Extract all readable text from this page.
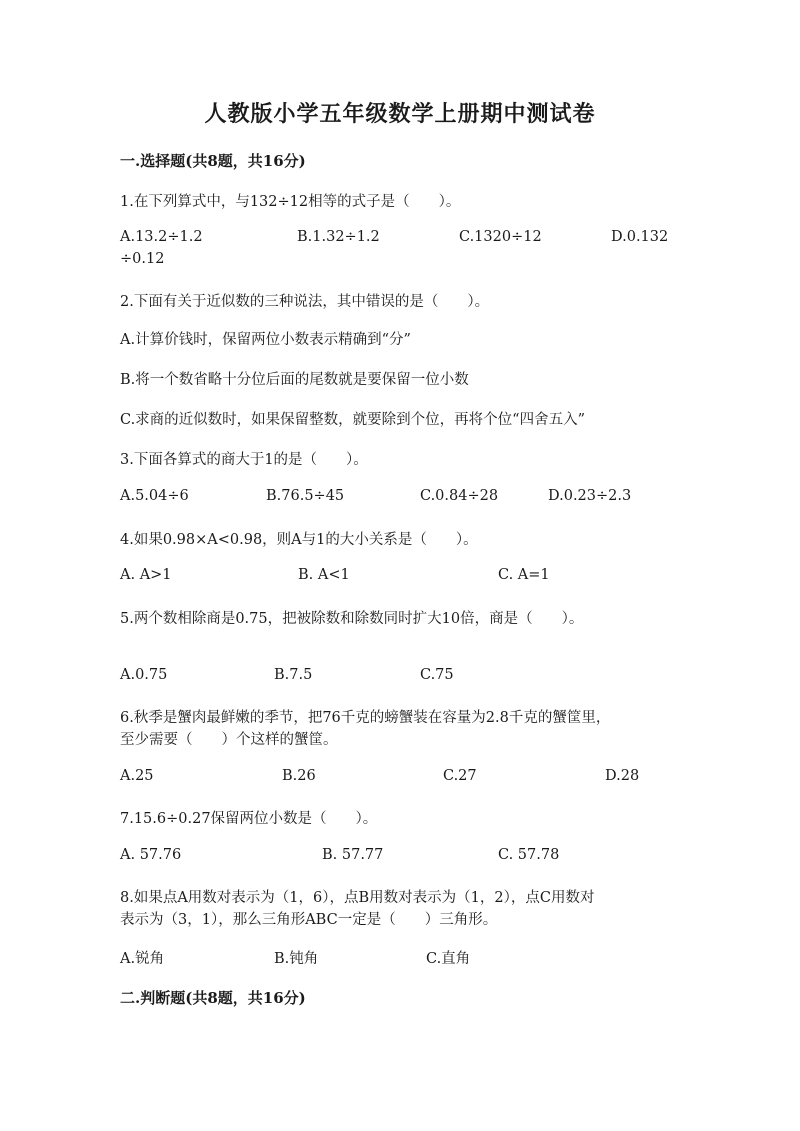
人教版小学五年级数学上册期中测试卷
一.选择题(共8题，共16分)
1.在下列算式中，与132÷12相等的式子是（　　）。
A.13.2÷1.2	B.1.32÷1.2	C.1320÷12	D.0.132
÷0.12
2.下面有关于近似数的三种说法，其中错误的是（　　）。
A.计算价钱时，保留两位小数表示精确到“分”
B.将一个数省略十分位后面的尾数就是要保留一位小数
C.求商的近似数时，如果保留整数，就要除到个位，再将个位“四舍五入”
3.下面各算式的商大于1的是（　　）。
A.5.04÷6	B.76.5÷45	C.0.84÷28	D.0.23÷2.3
4.如果0.98×A<0.98，则A与1的大小关系是（　　）。
A. A>1	B. A<1	C. A=1
5.两个数相除商是0.75，把被除数和除数同时扩大10倍，商是（　　）。
A.0.75	B.7.5	C.75
6.秋季是蟹肉最鲜嫩的季节，把76千克的螃蟹装在容量为2.8千克的蟹筐里，
至少需要（　　）个这样的蟹筐。
A.25	B.26	C.27	D.28
7.15.6÷0.27保留两位小数是（　　）。
A. 57.76	B. 57.77	C. 57.78
8.如果点A用数对表示为（1，6），点B用数对表示为（1，2），点C用数对
表示为（3，1），那么三角形ABC一定是（　　）三角形。
A.锐角	B.钝角	C.直角
二.判断题(共8题，共16分)
